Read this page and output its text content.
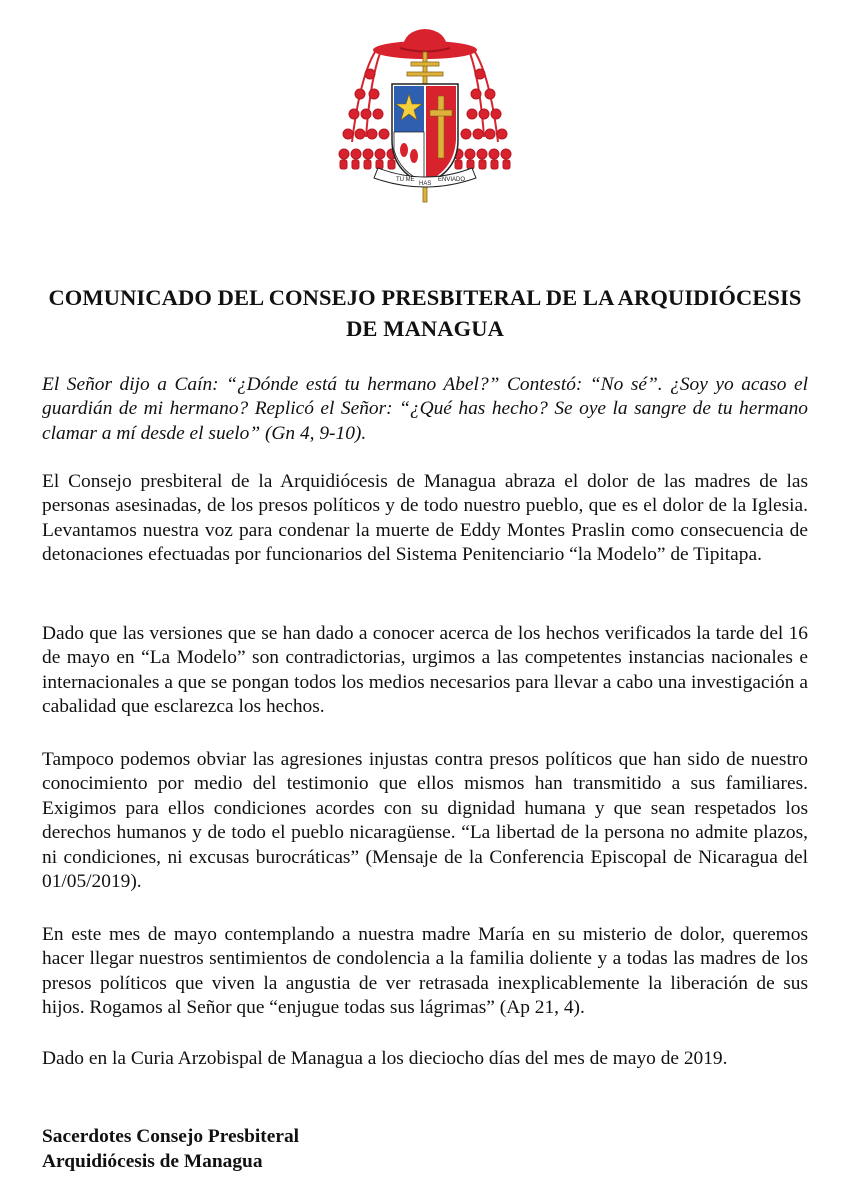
TU ME
HAS
ENVIADO
COMUNICADO DEL CONSEJO PRESBITERAL DE LA ARQUIDIÓCESIS DE MANAGUA

El Señor dijo a Caín: “¿Dónde está tu hermano Abel?” Contestó: “No sé”. ¿Soy yo acaso el guardián de mi hermano? Replicó el Señor: “¿Qué has hecho? Se oye la sangre de tu hermano clamar a mí desde el suelo” (Gn 4, 9-10).

El Consejo presbiteral de la Arquidiócesis de Managua abraza el dolor de las madres de las personas asesinadas, de los presos políticos y de todo nuestro pueblo, que es el dolor de la Iglesia. Levantamos nuestra voz para condenar la muerte de Eddy Montes Praslin como consecuencia de detonaciones efectuadas por funcionarios del Sistema Penitenciario “la Modelo” de Tipitapa.

Dado que las versiones que se han dado a conocer acerca de los hechos verificados la tarde del 16 de mayo en “La Modelo” son contradictorias, urgimos a las competentes instancias nacionales e internacionales a que se pongan todos los medios necesarios para llevar a cabo una investigación a cabalidad que esclarezca los hechos.

Tampoco podemos obviar las agresiones injustas contra presos políticos que han sido de nuestro conocimiento por medio del testimonio que ellos mismos han transmitido a sus familiares. Exigimos para ellos condiciones acordes con su dignidad humana y que sean respetados los derechos humanos y de todo el pueblo nicaragüense. “La libertad de la persona no admite plazos, ni condiciones, ni excusas burocráticas” (Mensaje de la Conferencia Episcopal de Nicaragua del 01/05/2019).

En este mes de mayo contemplando a nuestra madre María en su misterio de dolor, queremos hacer llegar nuestros sentimientos de condolencia a la familia doliente y a todas las madres de los presos políticos que viven la angustia de ver retrasada inexplicablemente la liberación de sus hijos. Rogamos al Señor que “enjugue todas sus lágrimas” (Ap 21, 4).

Dado en la Curia Arzobispal de Managua a los dieciocho días del mes de mayo de 2019.

Sacerdotes Consejo Presbiteral
Arquidiócesis de Managua
